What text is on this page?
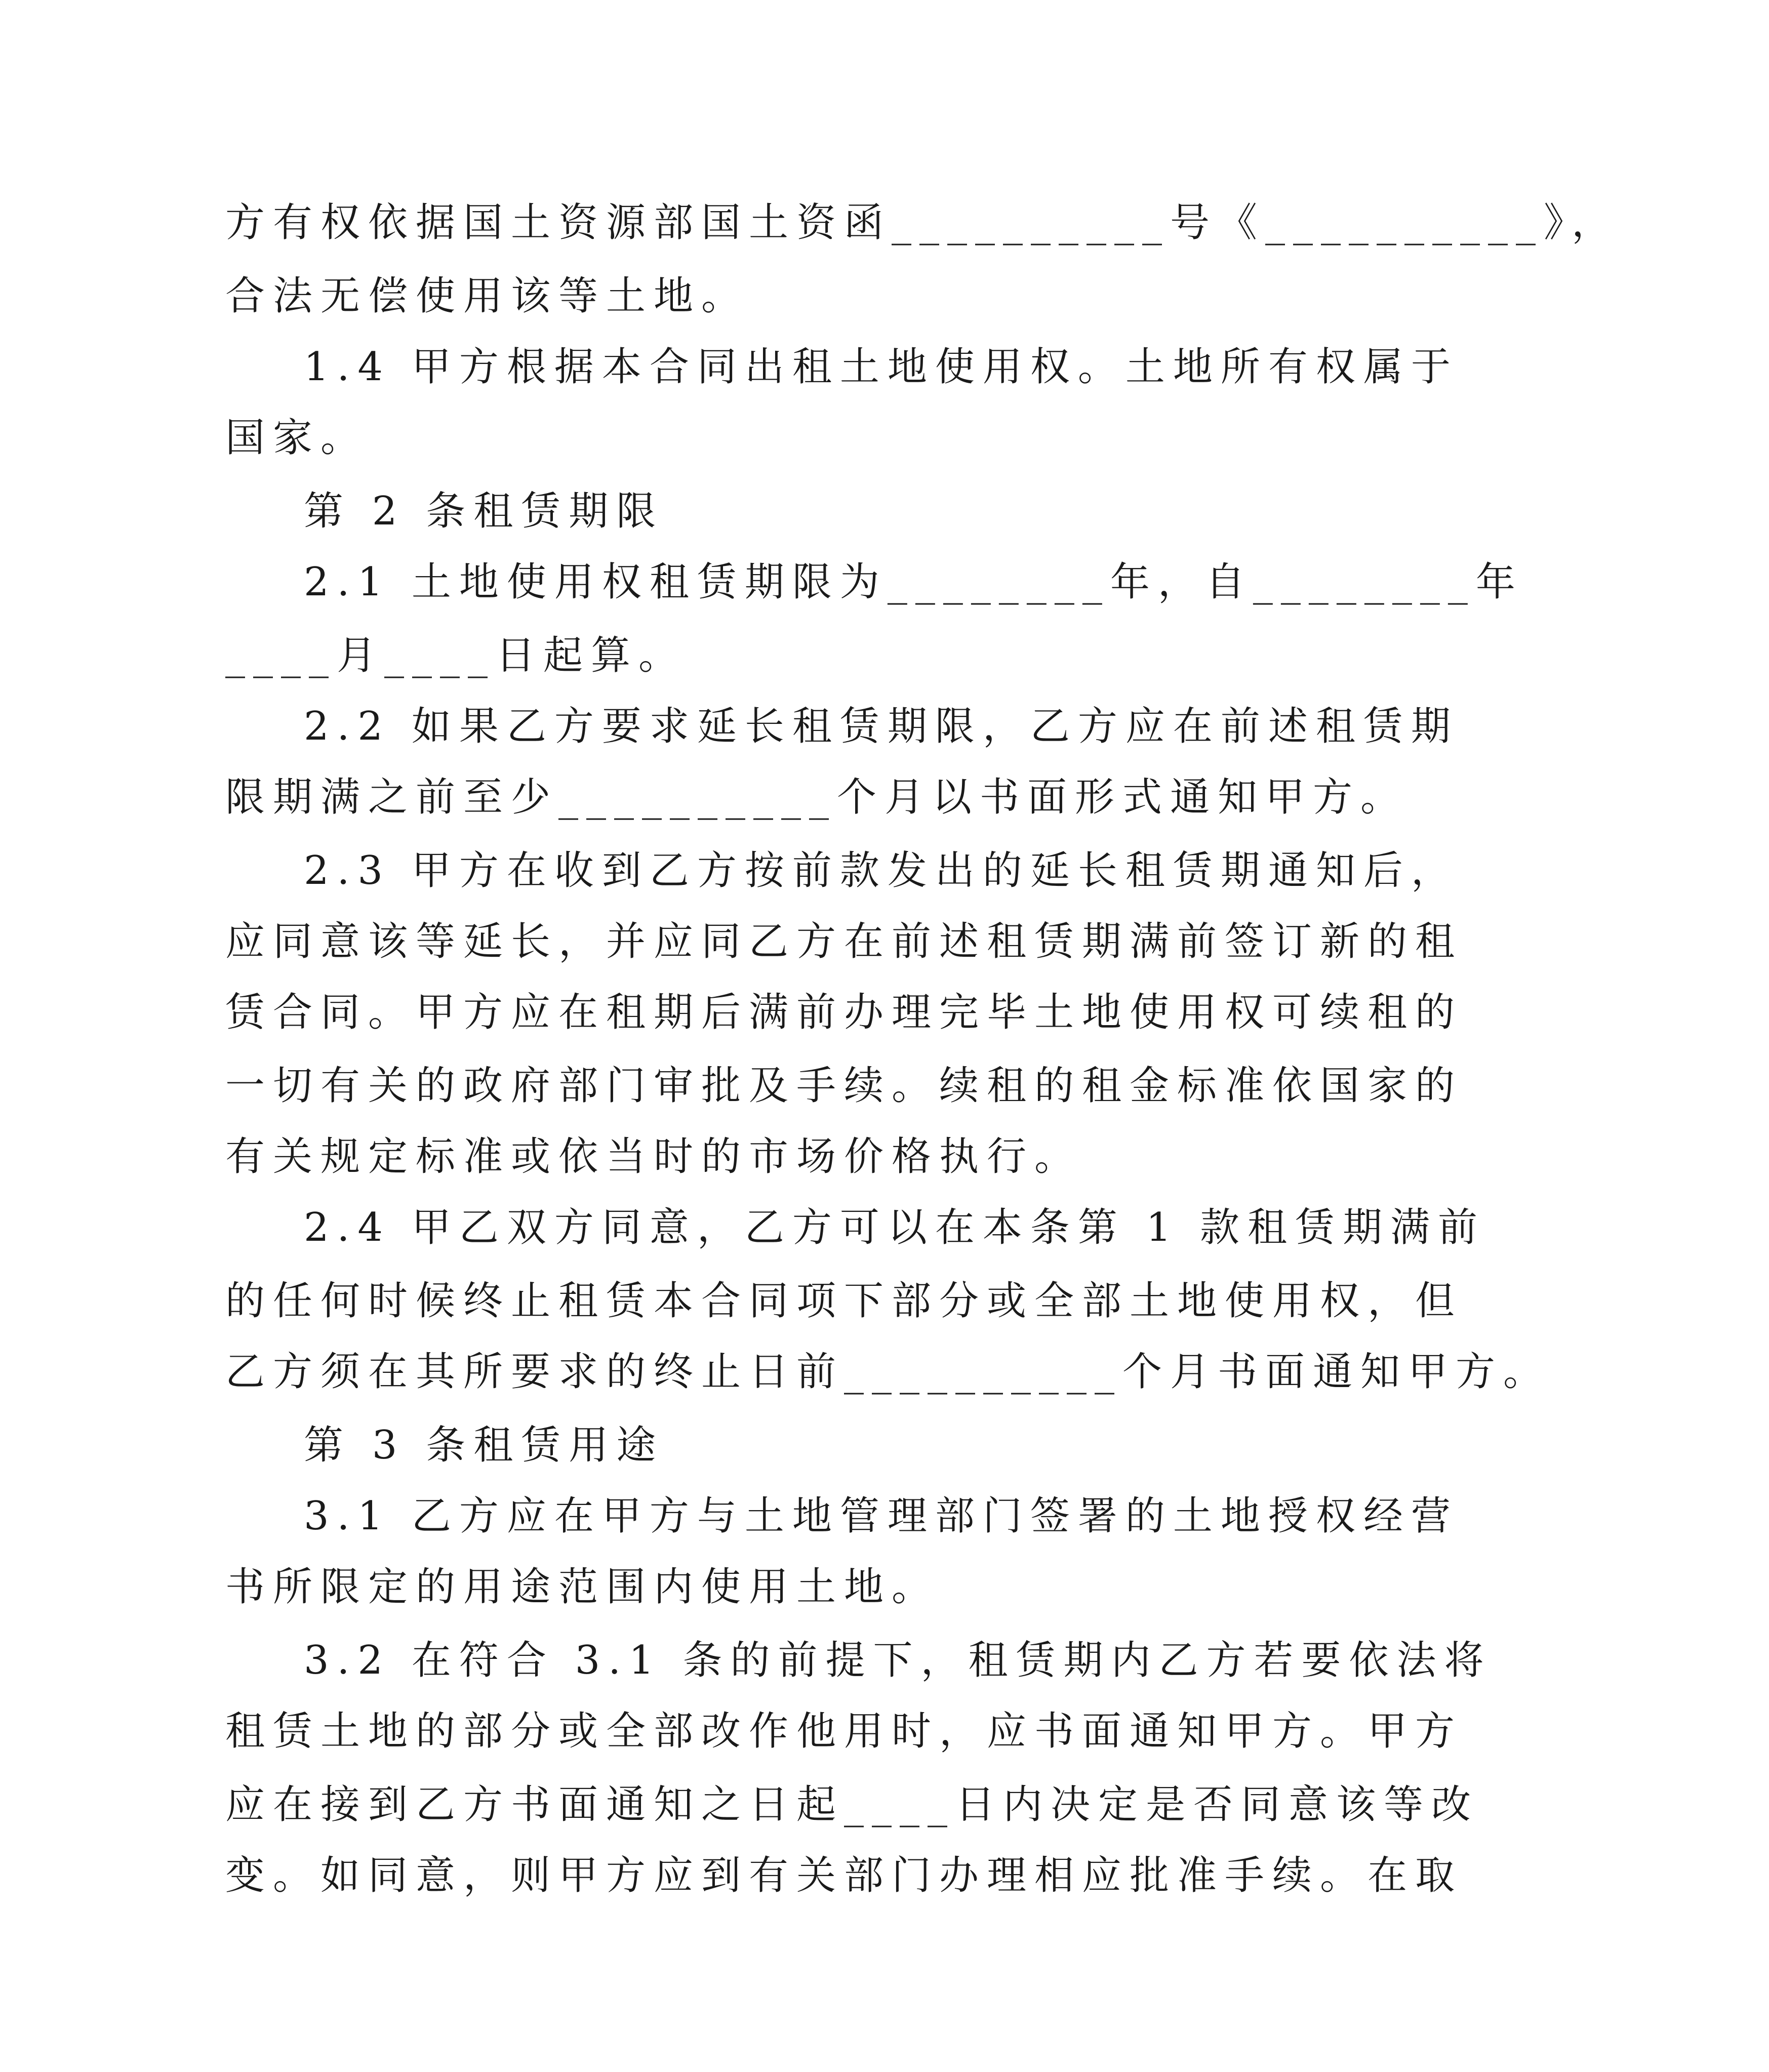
方有权依据国土资源部国土资函__________号《__________》，
合法无偿使用该等土地。
1.4 甲方根据本合同出租土地使用权。土地所有权属于
国家。
第 2 条租赁期限
2.1 土地使用权租赁期限为________年，自________年
____月____日起算。
2.2 如果乙方要求延长租赁期限，乙方应在前述租赁期
限期满之前至少__________个月以书面形式通知甲方。
2.3 甲方在收到乙方按前款发出的延长租赁期通知后，
应同意该等延长，并应同乙方在前述租赁期满前签订新的租
赁合同。甲方应在租期后满前办理完毕土地使用权可续租的
一切有关的政府部门审批及手续。续租的租金标准依国家的
有关规定标准或依当时的市场价格执行。
2.4 甲乙双方同意，乙方可以在本条第 1 款租赁期满前
的任何时候终止租赁本合同项下部分或全部土地使用权，但
乙方须在其所要求的终止日前__________个月书面通知甲方。
第 3 条租赁用途
3.1 乙方应在甲方与土地管理部门签署的土地授权经营
书所限定的用途范围内使用土地。
3.2 在符合 3.1 条的前提下，租赁期内乙方若要依法将
租赁土地的部分或全部改作他用时，应书面通知甲方。甲方
应在接到乙方书面通知之日起____日内决定是否同意该等改
变。如同意，则甲方应到有关部门办理相应批准手续。在取
